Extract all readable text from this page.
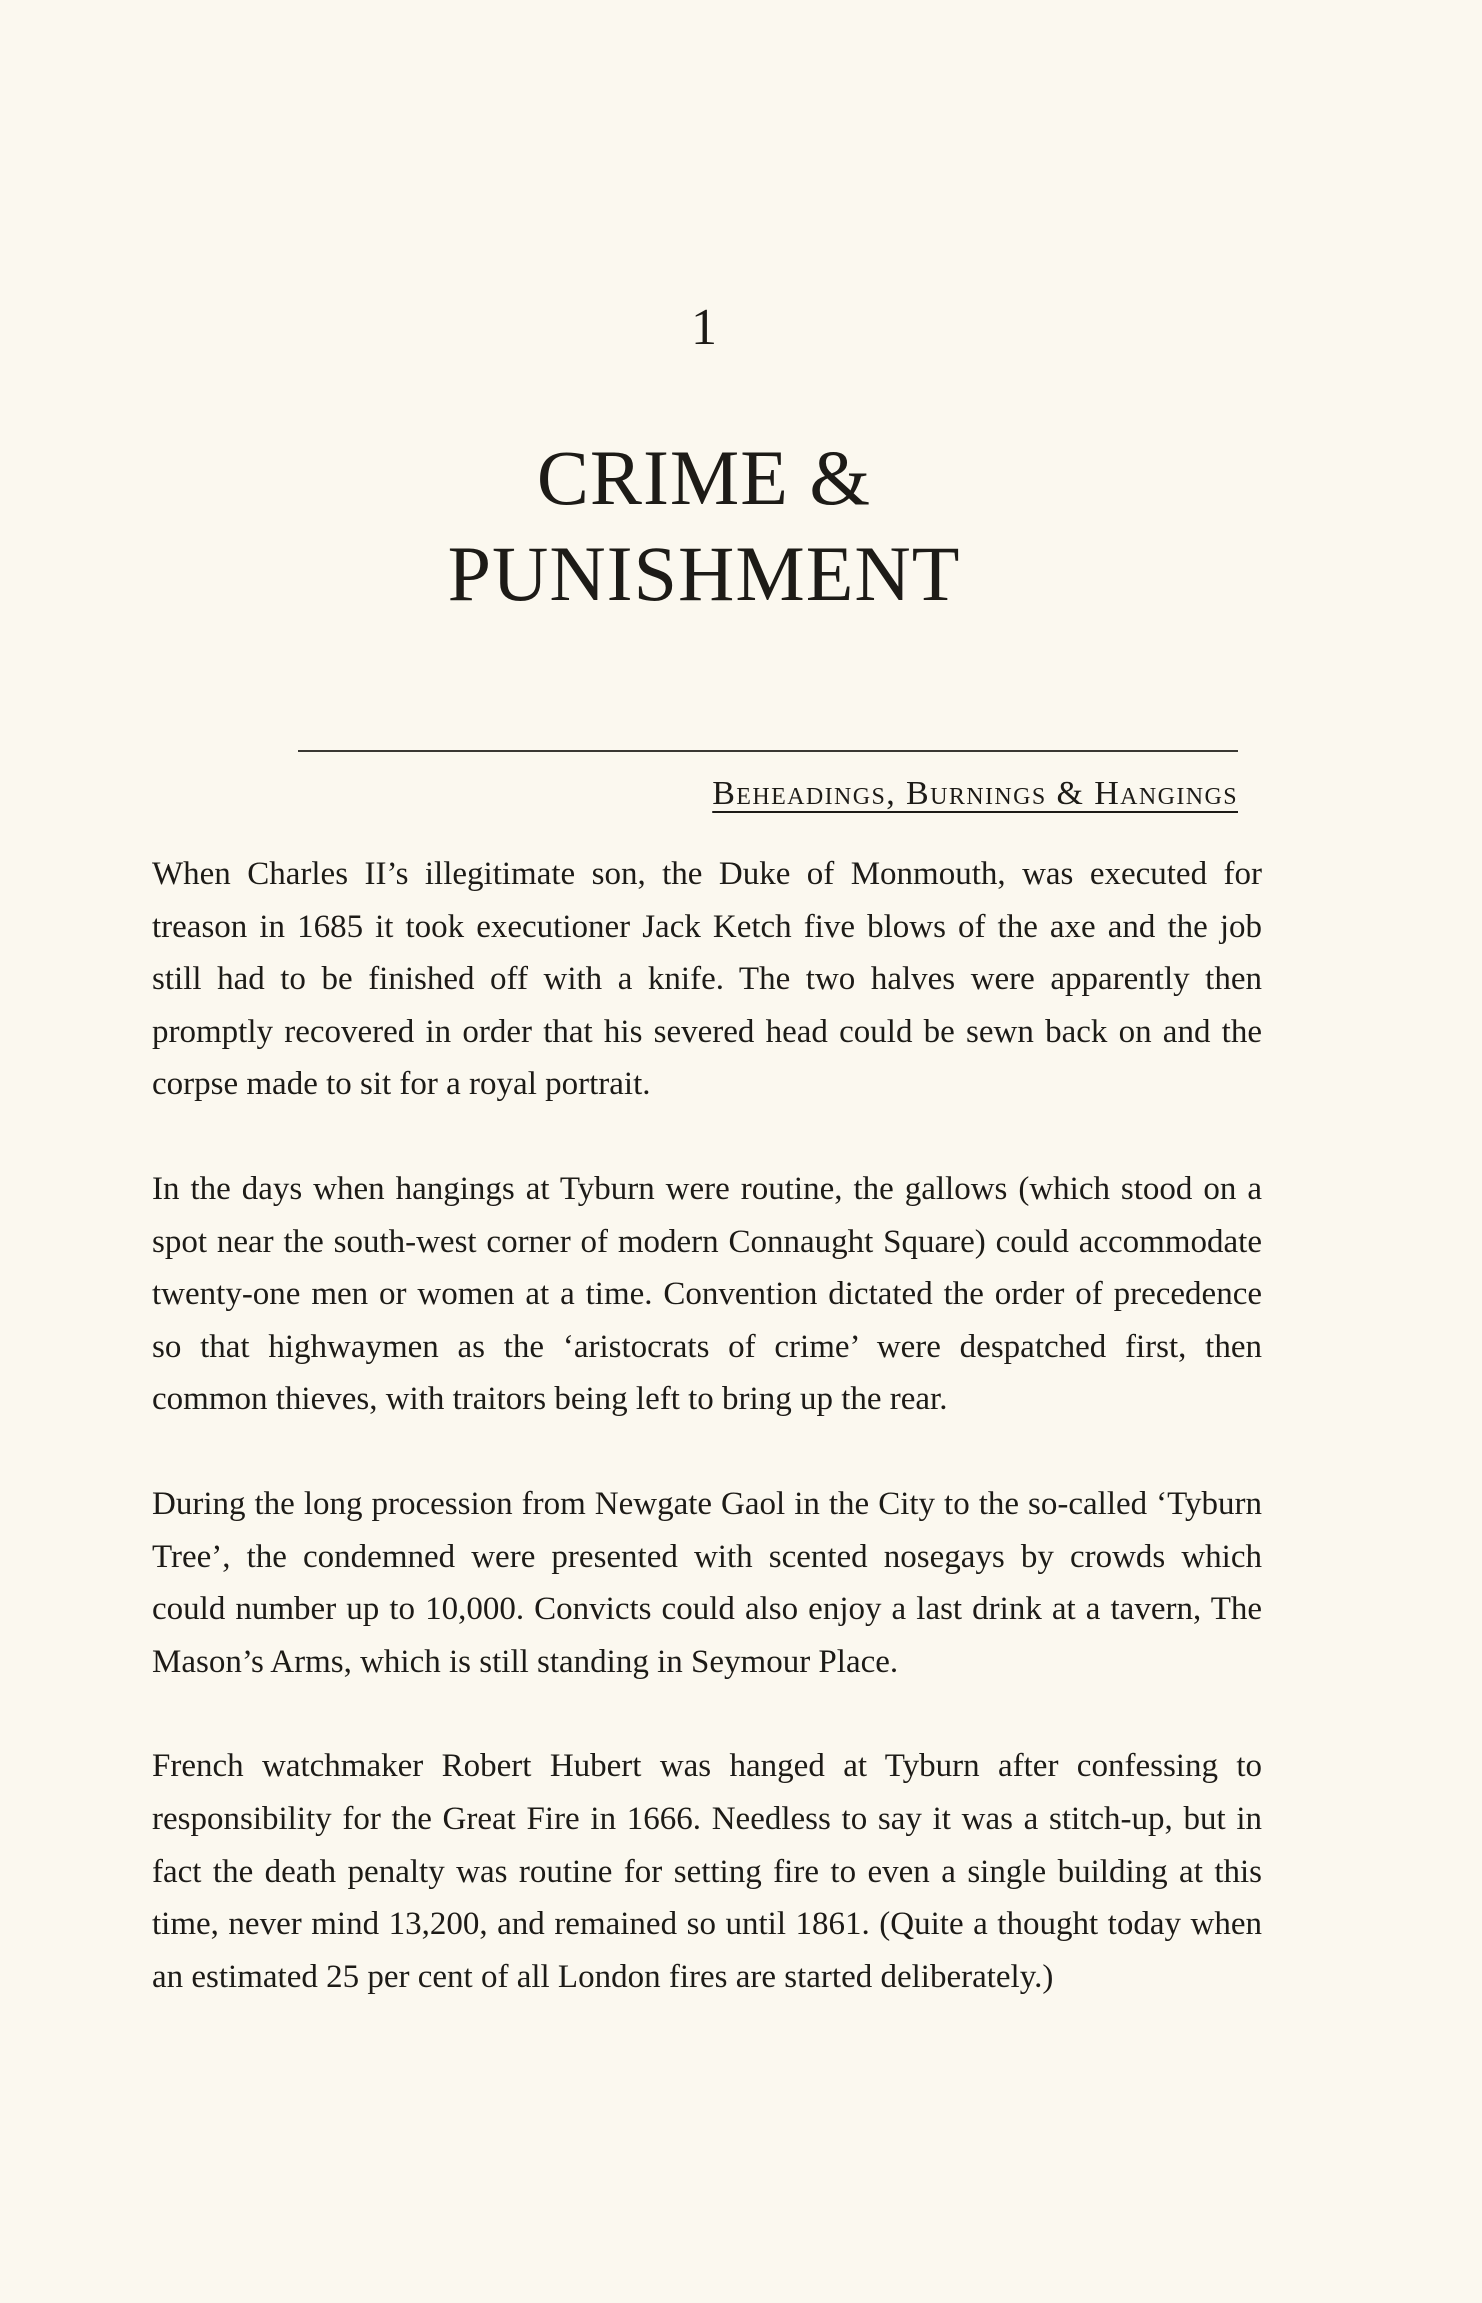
1
CRIME &
PUNISHMENT
Beheadings, Burnings & Hangings

When Charles II’s illegitimate son, the Duke of Monmouth, was executed for treason in 1685 it took executioner Jack Ketch five blows of the axe and the job still had to be finished off with a knife. The two halves were apparently then promptly recovered in order that his severed head could be sewn back on and the corpse made to sit for a royal portrait.

In the days when hangings at Tyburn were routine, the gallows (which stood on a spot near the south-west corner of modern Connaught Square) could accommodate twenty-one men or women at a time. Convention dictated the order of precedence so that highwaymen as the ‘aristocrats of crime’ were despatched first, then common thieves, with traitors being left to bring up the rear.

During the long procession from Newgate Gaol in the City to the so-called ‘Tyburn Tree’, the condemned were presented with scented nosegays by crowds which could number up to 10,000. Convicts could also enjoy a last drink at a tavern, The Mason’s Arms, which is still standing in Seymour Place.

French watchmaker Robert Hubert was hanged at Tyburn after confessing to responsibility for the Great Fire in 1666. Needless to say it was a stitch-up, but in fact the death penalty was routine for setting fire to even a single building at this time, never mind 13,200, and remained so until 1861. (Quite a thought today when an estimated 25 per cent of all London fires are started deliberately.)
